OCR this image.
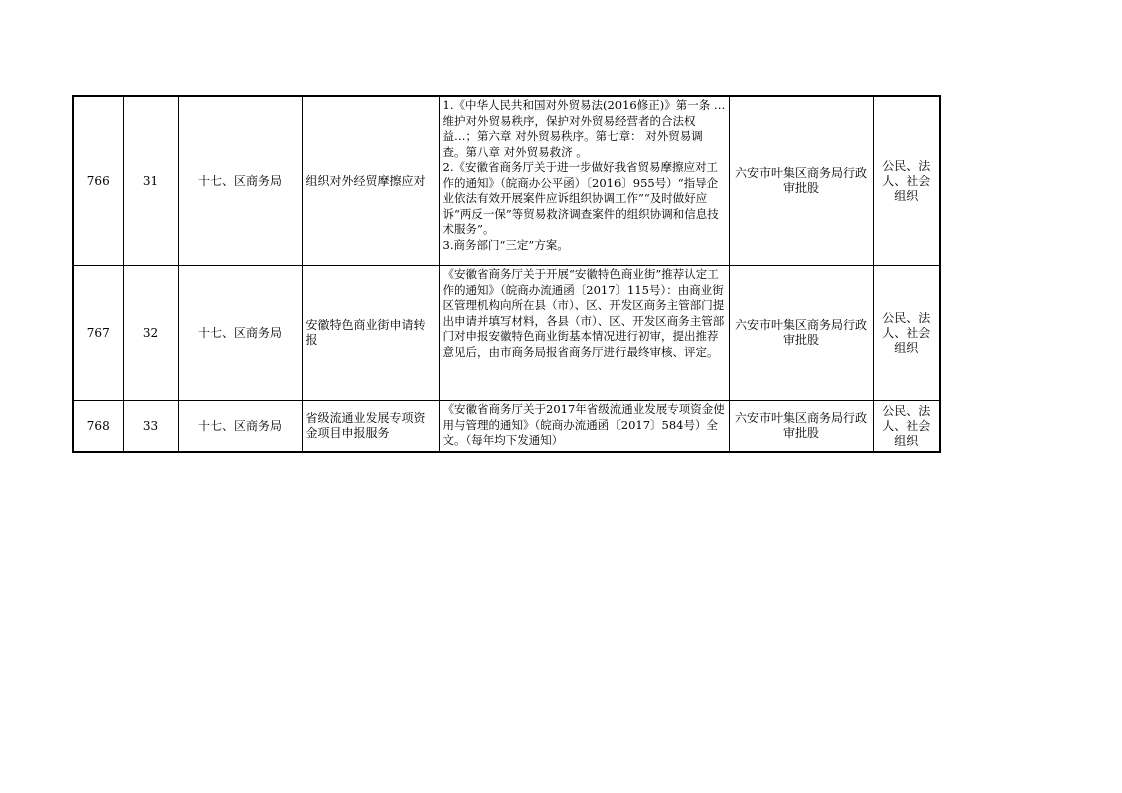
766	31	十七、区商务局	组织对外经贸摩擦应对	1.《中华人民共和国对外贸易法(2016修正)》第一条 …维护对外贸易秩序，保护对外贸易经营者的合法权益…；第六章 对外贸易秩序。第七章： 对外贸易调查。第八章 对外贸易救济 。
2.《安徽省商务厅关于进一步做好我省贸易摩擦应对工作的通知》（皖商办公平函）〔2016〕955号）“指导企业依法有效开展案件应诉组织协调工作”“及时做好应诉“两反一保”等贸易救济调查案件的组织协调和信息技术服务”。
3.商务部门“三定”方案。	六安市叶集区商务局行政审批股	公民、法人、社会组织
767	32	十七、区商务局	安徽特色商业街申请转报	《安徽省商务厅关于开展“安徽特色商业街”推荐认定工作的通知》（皖商办流通函〔2017〕115号）：由商业街区管理机构向所在县（市）、区、开发区商务主管部门提出申请并填写材料，各县（市）、区、开发区商务主管部门对申报安徽特色商业街基本情况进行初审，提出推荐意见后，由市商务局报省商务厅进行最终审核、评定。	六安市叶集区商务局行政审批股	公民、法人、社会组织
768	33	十七、区商务局	省级流通业发展专项资金项目申报服务	《安徽省商务厅关于2017年省级流通业发展专项资金使用与管理的通知》（皖商办流通函〔2017〕584号）全文。（每年均下发通知）	六安市叶集区商务局行政审批股	公民、法人、社会组织
